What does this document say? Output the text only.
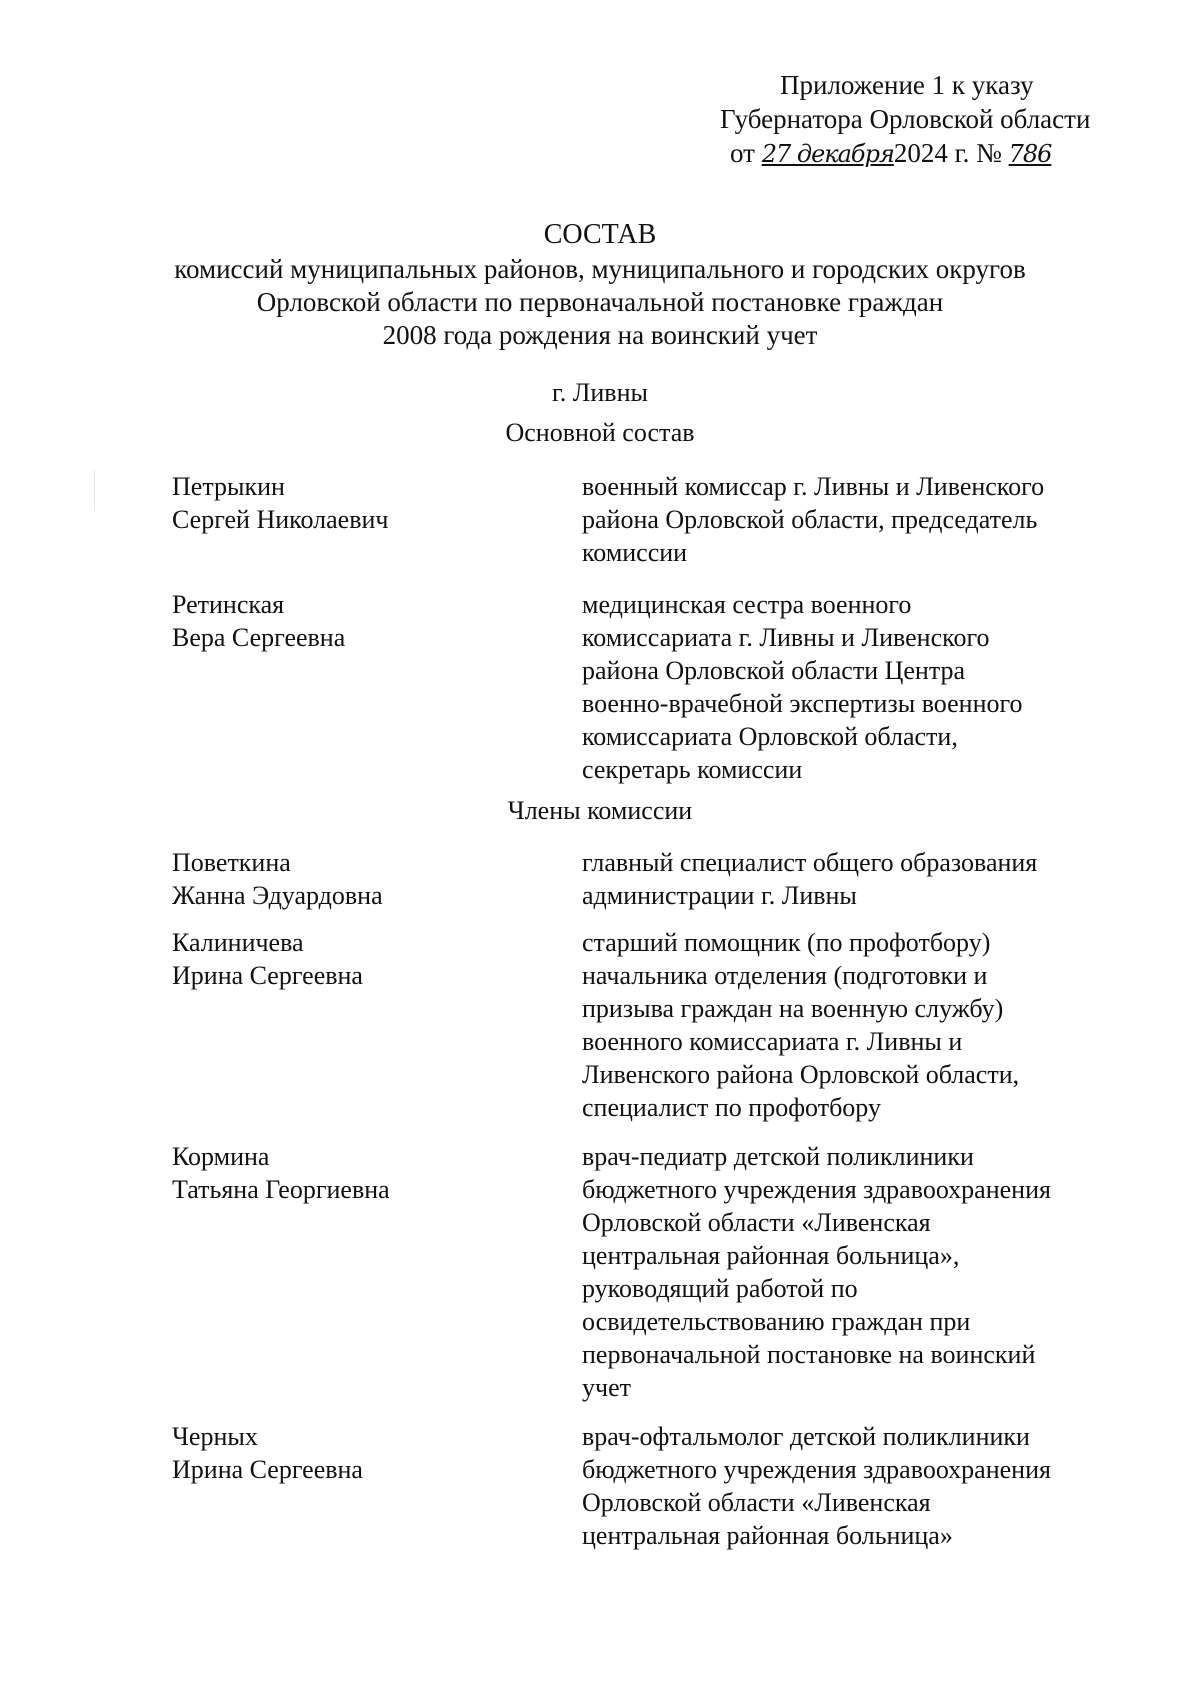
Приложение 1 к указу
Губернатора Орловской области
от 27 декабря2024 г. № 786
СОСТАВ
комиссий муниципальных районов, муниципального и городских округов
Орловской области по первоначальной постановке граждан
2008 года рождения на воинский учет
г. Ливны
Основной состав
Петрыкин
Сергей Николаевич
военный комиссар г. Ливны и Ливенского
района Орловской области, председатель
комиссии
Ретинская
Вера Сергеевна
медицинская сестра военного
комиссариата г. Ливны и Ливенского
района Орловской области Центра
военно-врачебной экспертизы военного
комиссариата Орловской области,
секретарь комиссии
Члены комиссии
Поветкина
Жанна Эдуардовна
главный специалист общего образования
администрации г. Ливны
Калиничева
Ирина Сергеевна
старший помощник (по профотбору)
начальника отделения (подготовки и
призыва граждан на военную службу)
военного комиссариата г. Ливны и
Ливенского района Орловской области,
специалист по профотбору
Кормина
Татьяна Георгиевна
врач-педиатр детской поликлиники
бюджетного учреждения здравоохранения
Орловской области «Ливенская
центральная районная больница»,
руководящий работой по
освидетельствованию граждан при
первоначальной постановке на воинский
учет
Черных
Ирина Сергеевна
врач-офтальмолог детской поликлиники
бюджетного учреждения здравоохранения
Орловской области «Ливенская
центральная районная больница»
